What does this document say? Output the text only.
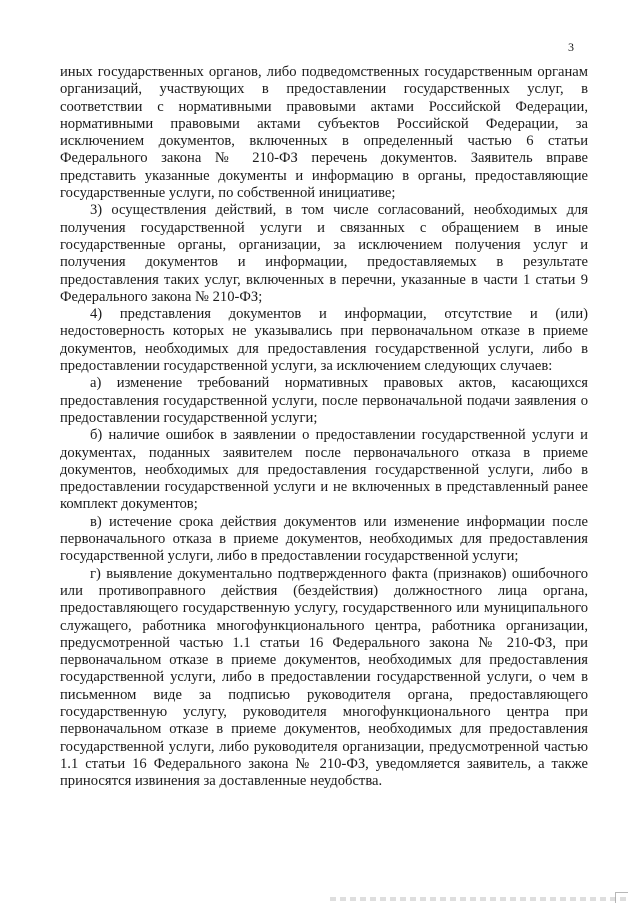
3

иных государственных органов, либо подведомственных государственным органам организаций, участвующих в предоставлении государственных услуг, в соответствии с нормативными правовыми актами Российской Федерации, нормативными правовыми актами субъектов Российской Федерации, за исключением документов, включенных в определенный частью 6 статьи Федерального закона № 210-ФЗ перечень документов. Заявитель вправе представить указанные документы и информацию в органы, предоставляющие государственные услуги, по собственной инициативе;

3) осуществления действий, в том числе согласований, необходимых для получения государственной услуги и связанных с обращением в иные государственные органы, организации, за исключением получения услуг и получения документов и информации, предоставляемых в результате предоставления таких услуг, включенных в перечни, указанные в части 1 статьи 9 Федерального закона № 210-ФЗ;

4) представления документов и информации, отсутствие и (или) недостоверность которых не указывались при первоначальном отказе в приеме документов, необходимых для предоставления государственной услуги, либо в предоставлении государственной услуги, за исключением следующих случаев:

а) изменение требований нормативных правовых актов, касающихся предоставления государственной услуги, после первоначальной подачи заявления о предоставлении государственной услуги;

б) наличие ошибок в заявлении о предоставлении государственной услуги и документах, поданных заявителем после первоначального отказа в приеме документов, необходимых для предоставления государственной услуги, либо в предоставлении государственной услуги и не включенных в представленный ранее комплект документов;

в) истечение срока действия документов или изменение информации после первоначального отказа в приеме документов, необходимых для предоставления государственной услуги, либо в предоставлении государственной услуги;

г) выявление документально подтвержденного факта (признаков) ошибочного или противоправного действия (бездействия) должностного лица органа, предоставляющего государственную услугу, государственного или муниципального служащего, работника многофункционального центра, работника организации, предусмотренной частью 1.1 статьи 16 Федерального закона № 210-ФЗ, при первоначальном отказе в приеме документов, необходимых для предоставления государственной услуги, либо в предоставлении государственной услуги, о чем в письменном виде за подписью руководителя органа, предоставляющего государственную услугу, руководителя многофункционального центра при первоначальном отказе в приеме документов, необходимых для предоставления государственной услуги, либо руководителя организации, предусмотренной частью 1.1 статьи 16 Федерального закона № 210-ФЗ, уведомляется заявитель, а также приносятся извинения за доставленные неудобства.
